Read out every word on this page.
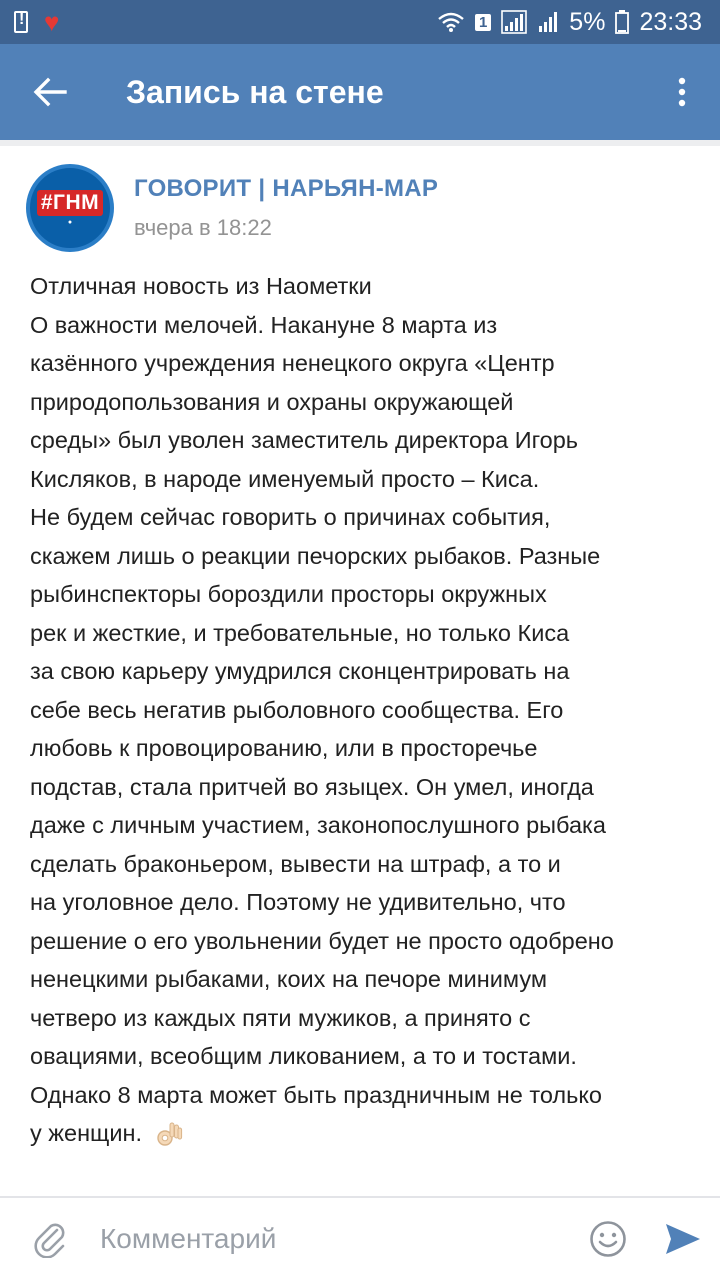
!
♥	1	5% 23:33
Запись на стене
#ГНМ
●
ГОВОРИТ | НАРЬЯН-МАР
вчера в 18:22
Отличная новость из Наометки
О важности мелочей. Накануне 8 марта из
казённого учреждения ненецкого округа «Центр
природопользования и охраны окружающей
среды» был уволен заместитель директора Игорь
Кисляков, в народе именуемый просто – Киса.
Не будем сейчас говорить о причинах события,
скажем лишь о реакции печорских рыбаков. Разные
рыбинспекторы бороздили просторы окружных
рек и жесткие, и требовательные, но только Киса
за свою карьеру умудрился сконцентрировать на
себе весь негатив рыболовного сообщества. Его
любовь к провоцированию, или в просторечье
подстав, стала притчей во языцех. Он умел, иногда
даже с личным участием, законопослушного рыбака
сделать браконьером, вывести на штраф, а то и
на уголовное дело. Поэтому не удивительно, что
решение о его увольнении будет не просто одобрено
ненецкими рыбаками, коих на печоре минимум
четверо из каждых пяти мужиков, а принято с
овациями, всеобщим ликованием, а то и тостами.
Однако 8 марта может быть праздничным не только
у женщин.
Комментарий
